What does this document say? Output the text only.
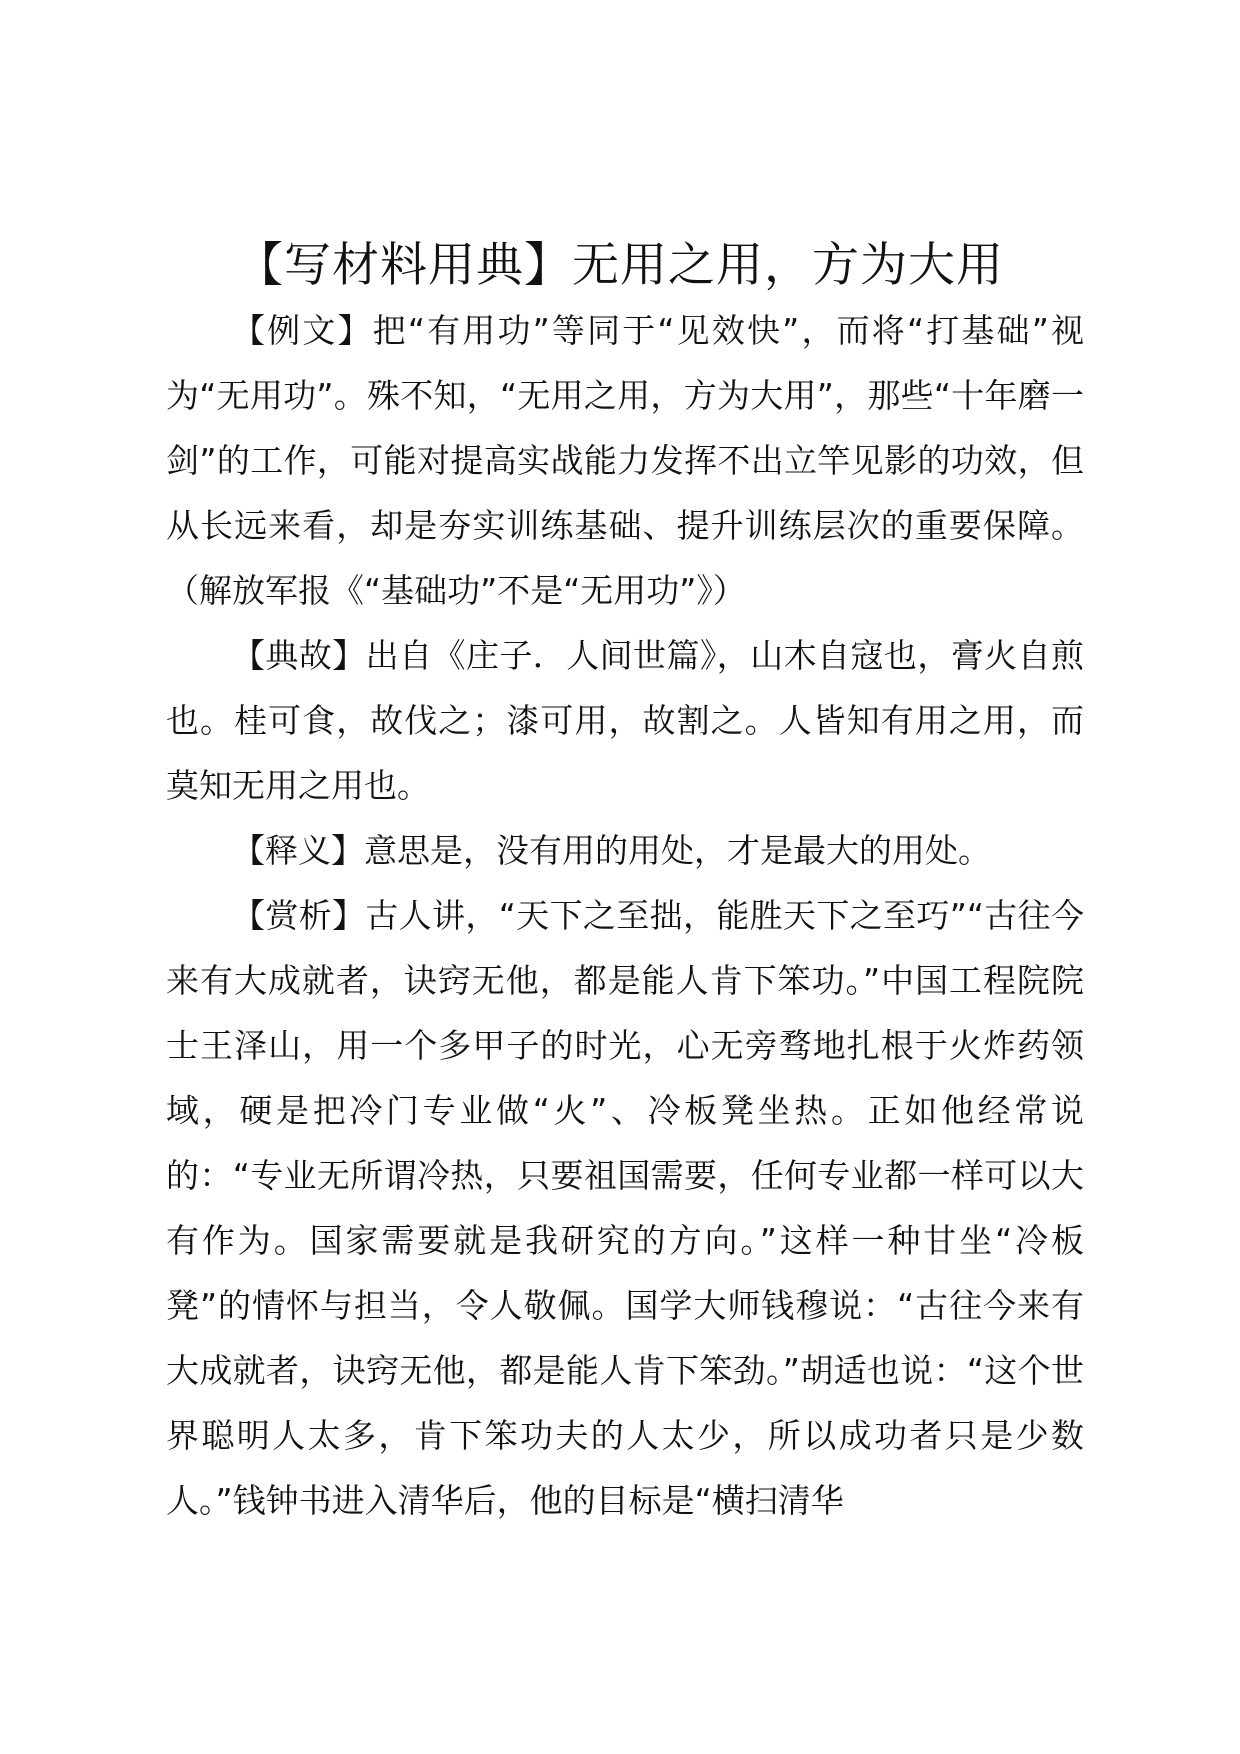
【写材料用典】无用之用，方为大用

【例文】把“有用功”等同于“见效快”，而将“打基础”视为“无用功”。殊不知，“无用之用，方为大用”，那些“十年磨一剑”的工作，可能对提高实战能力发挥不出立竿见影的功效，但从长远来看，却是夯实训练基础、提升训练层次的重要保障。（解放军报《“基础功”不是“无用功”》）

【典故】出自《庄子．人间世篇》，山木自寇也，膏火自煎也。桂可食，故伐之；漆可用，故割之。人皆知有用之用，而莫知无用之用也。

【释义】意思是，没有用的用处，才是最大的用处。

【赏析】古人讲，“天下之至拙，能胜天下之至巧”“古往今来有大成就者，诀窍无他，都是能人肯下笨功。”中国工程院院士王泽山，用一个多甲子的时光，心无旁骛地扎根于火炸药领域，硬是把冷门专业做“火”、冷板凳坐热。正如他经常说的：“专业无所谓冷热，只要祖国需要，任何专业都一样可以大有作为。国家需要就是我研究的方向。”这样一种甘坐“冷板凳”的情怀与担当，令人敬佩。国学大师钱穆说：“古往今来有大成就者，诀窍无他，都是能人肯下笨劲。”胡适也说：“这个世界聪明人太多，肯下笨功夫的人太少，所以成功者只是少数人。”钱钟书进入清华后，他的目标是“横扫清华
